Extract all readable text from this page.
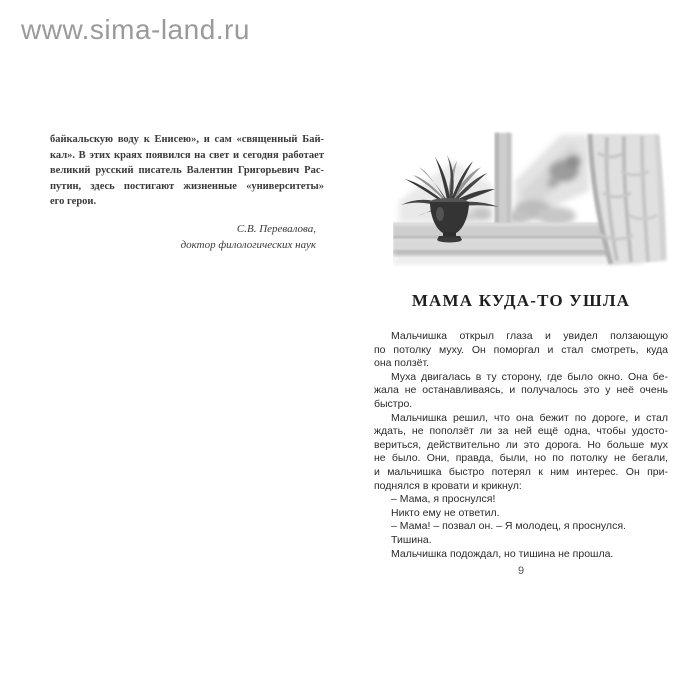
www.sima-land.ru
байкальскую воду к Енисею», и сам «священный Бай-
кал». В этих краях появился на свет и сегодня работает
великий русский писатель Валентин Григорьевич Рас-
путин, здесь постигают жизненные «университеты»
его герои.
С.В. Перевалова,
доктор филологических наук
МАМА КУДА-ТО УШЛА
Мальчишка открыл глаза и увидел ползающую
по потолку муху. Он поморгал и стал смотреть, куда
она ползёт.
Муха двигалась в ту сторону, где было окно. Она бе-
жала не останавливаясь, и получалось это у неё очень
быстро.
Мальчишка решил, что она бежит по дороге, и стал
ждать, не поползёт ли за ней ещё одна, чтобы удосто-
вериться, действительно ли это дорога. Но больше мух
не было. Они, правда, были, но по потолку не бегали,
и мальчишка быстро потерял к ним интерес. Он при-
поднялся в кровати и крикнул:
– Мама, я проснулся!
Никто ему не ответил.
– Мама! – позвал он. – Я молодец, я проснулся.
Тишина.
Мальчишка подождал, но тишина не прошла.
9
